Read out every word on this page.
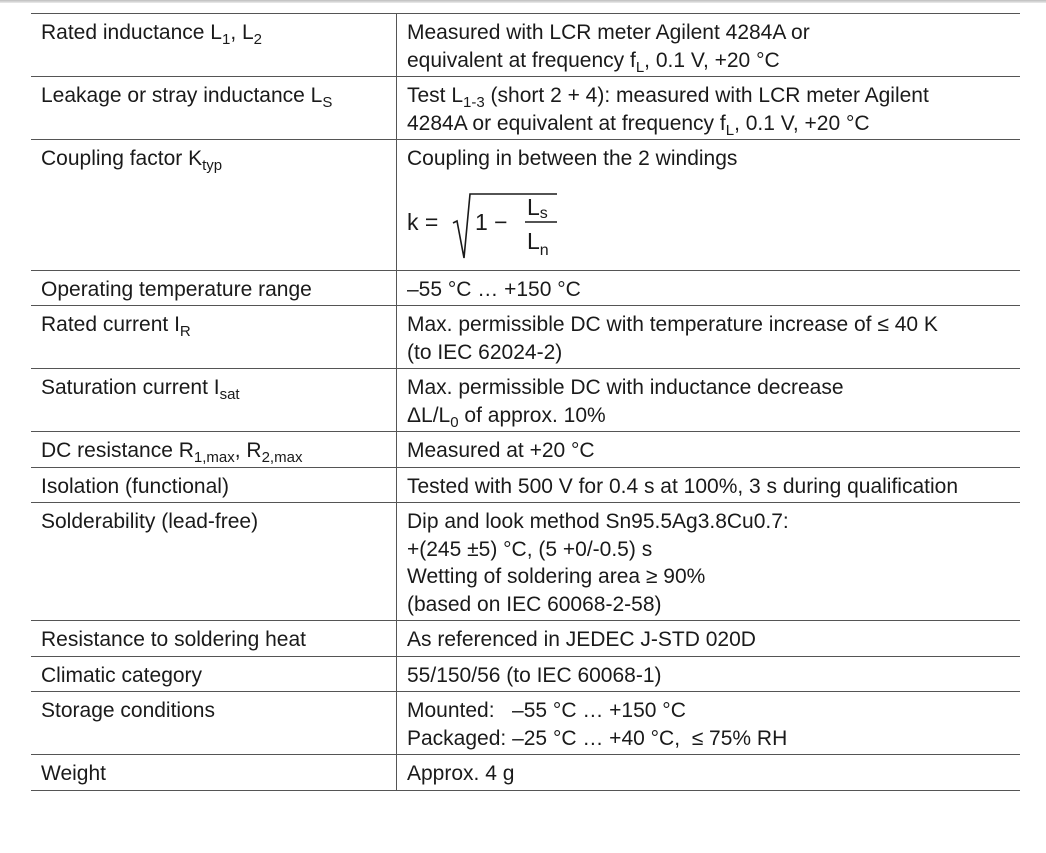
Rated inductance $L_1$, $L_2$	Measured with LCR meter Agilent 4284A or
equivalent at frequency $f_L$, 0.1 V, +20 °C
Leakage or stray inductance $L_S$	Test $L_{1-3}$ (short 2 + 4): measured with LCR meter Agilent
4284A or equivalent at frequency $f_L$, 0.1 V, +20 °C
Coupling factor $K_{typ}$	Coupling in between the 2 windings
k = 1 −
Ls
$L_n$

Operating temperature range	–55 °C … +150 °C
Rated current $I_R$	Max. permissible DC with temperature increase of ≤ 40 K
(to IEC 62024-2)
Saturation current $I_{sat}$	Max. permissible DC with inductance decrease
$\Delta L/L_0$ of approx. 10%
DC resistance $R_{1,max}$, $R_{2,max}$	Measured at +20 °C
Isolation (functional)	Tested with 500 V for 0.4 s at 100%, 3 s during qualification
Solderability (lead-free)	Dip and look method Sn95.5Ag3.8Cu0.7:
+(245 ±5) °C, (5 +0/-0.5) s
Wetting of soldering area ≥ 90%
(based on IEC 60068-2-58)
Resistance to soldering heat	As referenced in JEDEC J-STD 020D
Climatic category	55/150/56 (to IEC 60068-1)
Storage conditions	Mounted:   –55 °C … +150 °C
Packaged: –25 °C … +40 °C,  ≤ 75% RH
Weight	Approx. 4 g
